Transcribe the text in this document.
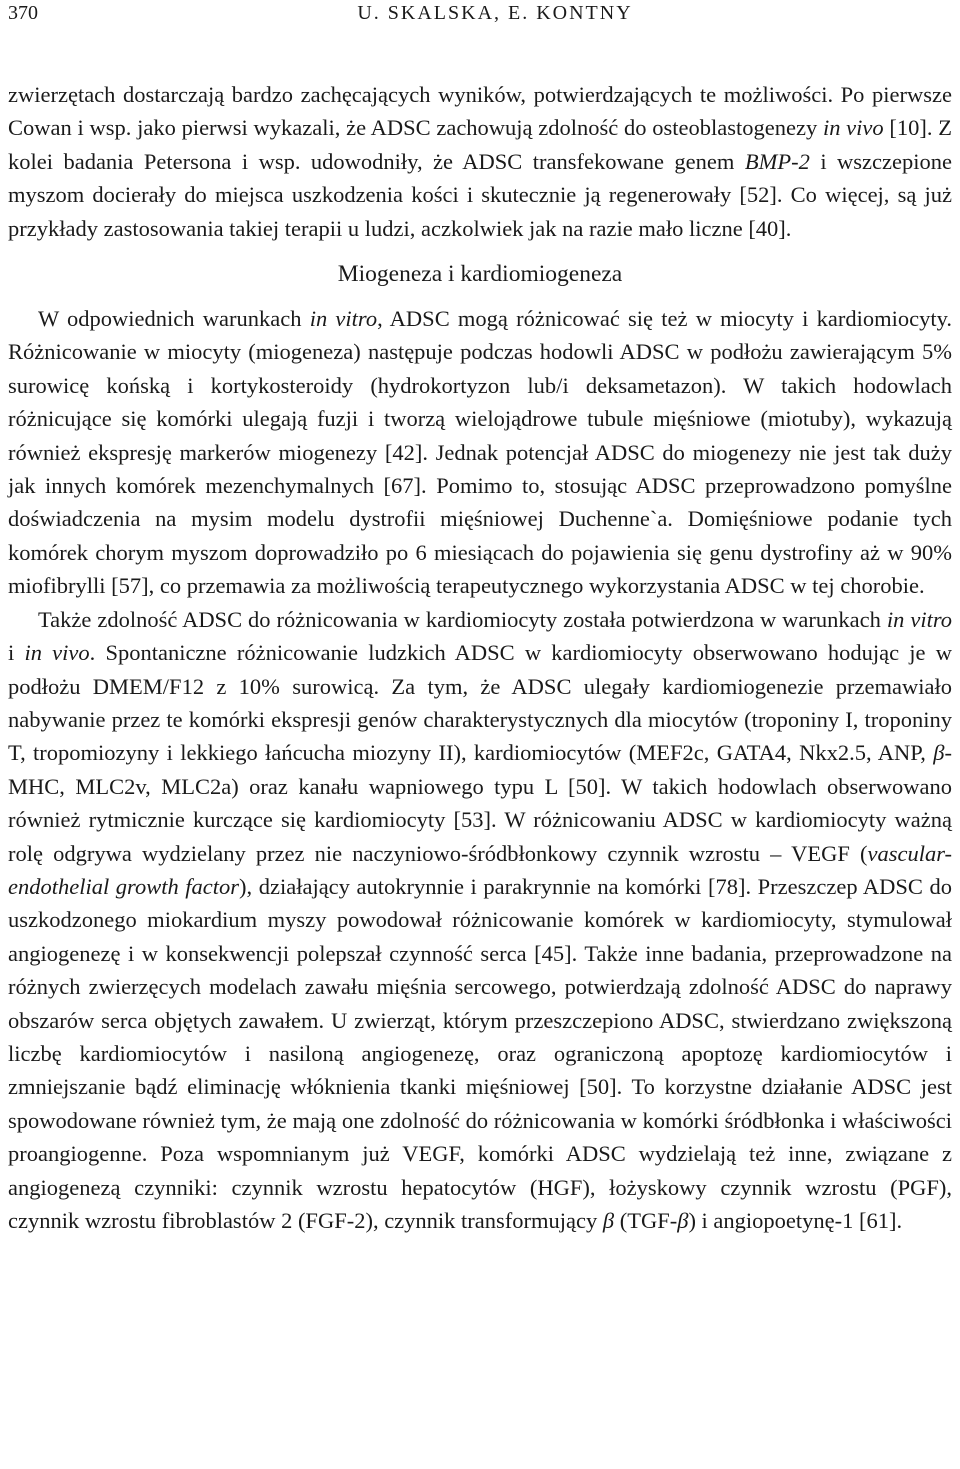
370	U. SKALSKA, E. KONTNY

zwierzętach dostarczają bardzo zachęcających wyników, potwierdzających te możliwości. Po pierwsze Cowan i wsp. jako pierwsi wykazali, że ADSC zachowują zdolność do osteoblastogenezy in vivo [10]. Z kolei badania Petersona i wsp. udowodniły, że ADSC transfekowane genem BMP-2 i wszczepione myszom docierały do miejsca uszkodzenia kości i skutecznie ją regenerowały [52]. Co więcej, są już przykłady zastosowania takiej terapii u ludzi, aczkolwiek jak na razie mało liczne [40].

Miogeneza i kardiomiogeneza

W odpowiednich warunkach in vitro, ADSC mogą różnicować się też w miocyty i kardiomiocyty. Różnicowanie w miocyty (miogeneza) następuje podczas hodowli ADSC w podłożu zawierającym 5% surowicę końską i kortykosteroidy (hydrokortyzon lub/i deksametazon). W takich hodowlach różnicujące się komórki ulegają fuzji i tworzą wielojądrowe tubule mięśniowe (miotuby), wykazują również ekspresję markerów miogenezy [42]. Jednak potencjał ADSC do miogenezy nie jest tak duży jak innych komórek mezenchymalnych [67]. Pomimo to, stosując ADSC przeprowadzono pomyślne doświadczenia na mysim modelu dystrofii mięśniowej Duchenne`a. Domięśniowe podanie tych komórek chorym myszom doprowadziło po 6 miesiącach do pojawienia się genu dystrofiny aż w 90% miofibrylli [57], co przemawia za możliwością terapeutycznego wykorzystania ADSC w tej chorobie.

Także zdolność ADSC do różnicowania w kardiomiocyty została potwierdzona w warunkach in vitro i in vivo. Spontaniczne różnicowanie ludzkich ADSC w kardiomiocyty obserwowano hodując je w podłożu DMEM/F12 z 10% surowicą. Za tym, że ADSC ulegały kardiomiogenezie przemawiało nabywanie przez te komórki ekspresji genów charakterystycznych dla miocytów (troponiny I, troponiny T, tropomiozyny i lekkiego łańcucha miozyny II), kardiomiocytów (MEF2c, GATA4, Nkx2.5, ANP, β-MHC, MLC2v, MLC2a) oraz kanału wapniowego typu L [50]. W takich hodowlach obserwowano również rytmicznie kurczące się kardiomiocyty [53]. W różnicowaniu ADSC w kardiomiocyty ważną rolę odgrywa wydzielany przez nie naczyniowo-śródbłonkowy czynnik wzrostu – VEGF (vascular-endothelial growth factor), działający autokrynnie i parakrynnie na komórki [78]. Przeszczep ADSC do uszkodzonego miokardium myszy powodował różnicowanie komórek w kardiomiocyty, stymulował angiogenezę i w konsekwencji polepszał czynność serca [45]. Także inne badania, przeprowadzone na różnych zwierzęcych modelach zawału mięśnia sercowego, potwierdzają zdolność ADSC do naprawy obszarów serca objętych zawałem. U zwierząt, którym przeszczepiono ADSC, stwierdzano zwiększoną liczbę kardiomiocytów i nasiloną angiogenezę, oraz ograniczoną apoptozę kardiomiocytów i zmniejszanie bądź eliminację włóknienia tkanki mięśniowej [50]. To korzystne działanie ADSC jest spowodowane również tym, że mają one zdolność do różnicowania w komórki śródbłonka i właściwości proangiogenne. Poza wspomnianym już VEGF, komórki ADSC wydzielają też inne, związane z angiogenezą czynniki: czynnik wzrostu hepatocytów (HGF), łożyskowy czynnik wzrostu (PGF), czynnik wzrostu fibroblastów 2 (FGF-2), czynnik transformujący β (TGF-β) i angiopoetynę-1 [61].
